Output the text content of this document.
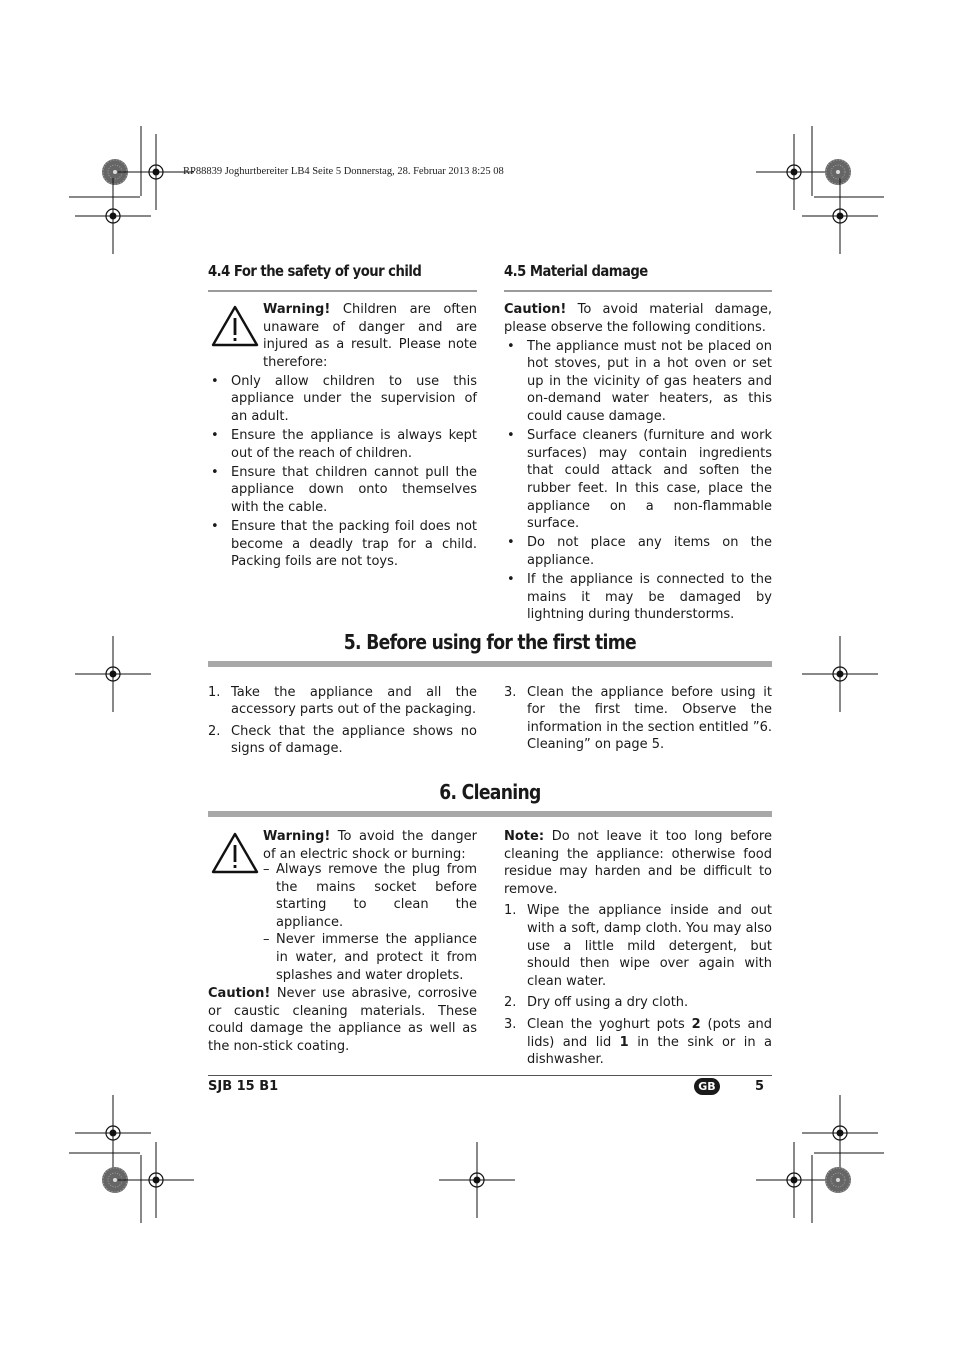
RP88839 Joghurtbereiter LB4 Seite 5 Donnerstag, 28. Februar 2013 8:25 08
4.4 For the safety of your child

Warning! Children are often unaware of danger and are injured as a result. Please note therefore:

• Only allow children to use this appliance under the supervision of an adult.
• Ensure the appliance is always kept out of the reach of children.
• Ensure that children cannot pull the appliance down onto themselves with the cable.
• Ensure that the packing foil does not become a deadly trap for a child. Packing foils are not toys.
4.5 Material damage

Caution! To avoid material damage, please observe the following conditions.

• The appliance must not be placed on hot stoves, put in a hot oven or set up in the vicinity of gas heaters and on-demand water heaters, as this could cause damage.
• Surface cleaners (furniture and work surfaces) may contain ingredients that could attack and soften the rubber feet. In this case, place the appliance on a non-flammable surface.
• Do not place any items on the appliance.
• If the appliance is connected to the mains it may be damaged by lightning during thunderstorms.
5. Before using for the first time
1. Take the appliance and all the accessory parts out of the packaging.
2. Check that the appliance shows no signs of damage.
3. Clean the appliance before using it for the first time. Observe the information in the section entitled ”6. Cleaning” on page 5.
6. Cleaning

Warning! To avoid the danger of an electric shock or burning:

– Always remove the plug from the mains socket before starting to clean the appliance.
– Never immerse the appliance in water, and protect it from splashes and water droplets.

Caution! Never use abrasive, corrosive or caustic cleaning materials. These could damage the appliance as well as the non-stick coating.

Note: Do not leave it too long before cleaning the appliance: otherwise food residue may harden and be difficult to remove.

1. Wipe the appliance inside and out with a soft, damp cloth. You may also use a little mild detergent, but should then wipe over again with clean water.
2. Dry off using a dry cloth.
3. Clean the yoghurt pots 2 (pots and lids) and lid 1 in the sink or in a dishwasher.
SJB 15 B1	GB	5
